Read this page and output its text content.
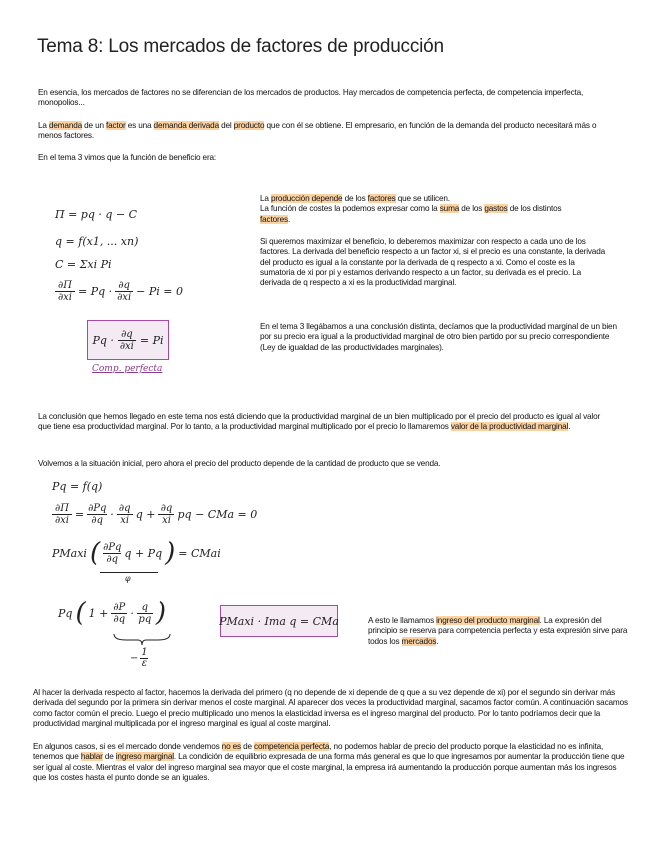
Tema 8: Los mercados de factores de producción
En esencia, los mercados de factores no se diferencian de los mercados de productos. Hay mercados de competencia perfecta, de competencia imperfecta, monopolios...
La demanda de un factor es una demanda derivada del producto que con él se obtiene. El empresario, en función de la demanda del producto necesitará más o menos factores.
En el tema 3 vimos que la función de beneficio era:
Π = pq · q − C
q = f(x1, ... xn)
C = Σxi Pi
∂Π
∂xi = Pq · ∂q
∂xi − Pi = 0
Pq · ∂q
∂xi = Pi
Comp. perfecta
La producción depende de los factores que se utilicen.
La función de costes la podemos expresar como la suma de los gastos de los distintos factores.
Si queremos maximizar el beneficio, lo deberemos maximizar con respecto a cada uno de los factores. La derivada del beneficio respecto a un factor xi, si el precio es una constante, la derivada del producto es igual a la constante por la derivada de q respecto a xi. Como el coste es la sumatoria de xi por pi y estamos derivando respecto a un factor, su derivada es el precio. La derivada de q respecto a xi es la productividad marginal.
En el tema 3 llegábamos a una conclusión distinta, decíamos que la productividad marginal de un bien por su precio era igual a la productividad marginal de otro bien partido por su precio correspondiente (Ley de igualdad de las productividades marginales).
La conclusión que hemos llegado en este tema nos está diciendo que la productividad marginal de un bien multiplicado por el precio del producto es igual al valor que tiene esa productividad marginal. Por lo tanto, a la productividad marginal multiplicado por el precio lo llamaremos valor de la productividad marginal.
Volvemos a la situación inicial, pero ahora el precio del producto depende de la cantidad de producto que se venda.
Pq = f(q)
∂Π
∂xi = ∂Pq
∂q · ∂q
xi q + ∂q
xi pq − CMa = 0
PMaxi ( ∂Pq
∂q q + Pq ) = CMai
φ
Pq ( 1 + ∂P
∂q · q
pq )
−
1
ε
PMaxi · Ima q = CMa	A esto le llamamos ingreso del producto marginal. La expresión del principio se reserva para competencia perfecta y esta expresión sirve para todos los mercados.
Al hacer la derivada respecto al factor, hacemos la derivada del primero (q no depende de xi depende de q que a su vez depende de xi) por el segundo sin derivar más derivada del segundo por la primera sin derivar menos el coste marginal. Al aparecer dos veces la productividad marginal, sacamos factor común. A continuación sacamos como factor común el precio. Luego el precio multiplicado uno menos la elasticidad inversa es el ingreso marginal del producto. Por lo tanto podríamos decir que la productividad marginal multiplicada por el ingreso marginal es igual al coste marginal.
En algunos casos, si es el mercado donde vendemos no es de competencia perfecta, no podemos hablar de precio del producto porque la elasticidad no es infinita, tenemos que hablar de ingreso marginal. La condición de equilibrio expresada de una forma más general es que lo que ingresamos por aumentar la producción tiene que ser igual al coste. Mientras el valor del ingreso marginal sea mayor que el coste marginal, la empresa irá aumentando la producción porque aumentan más los ingresos que los costes hasta el punto donde se an iguales.
